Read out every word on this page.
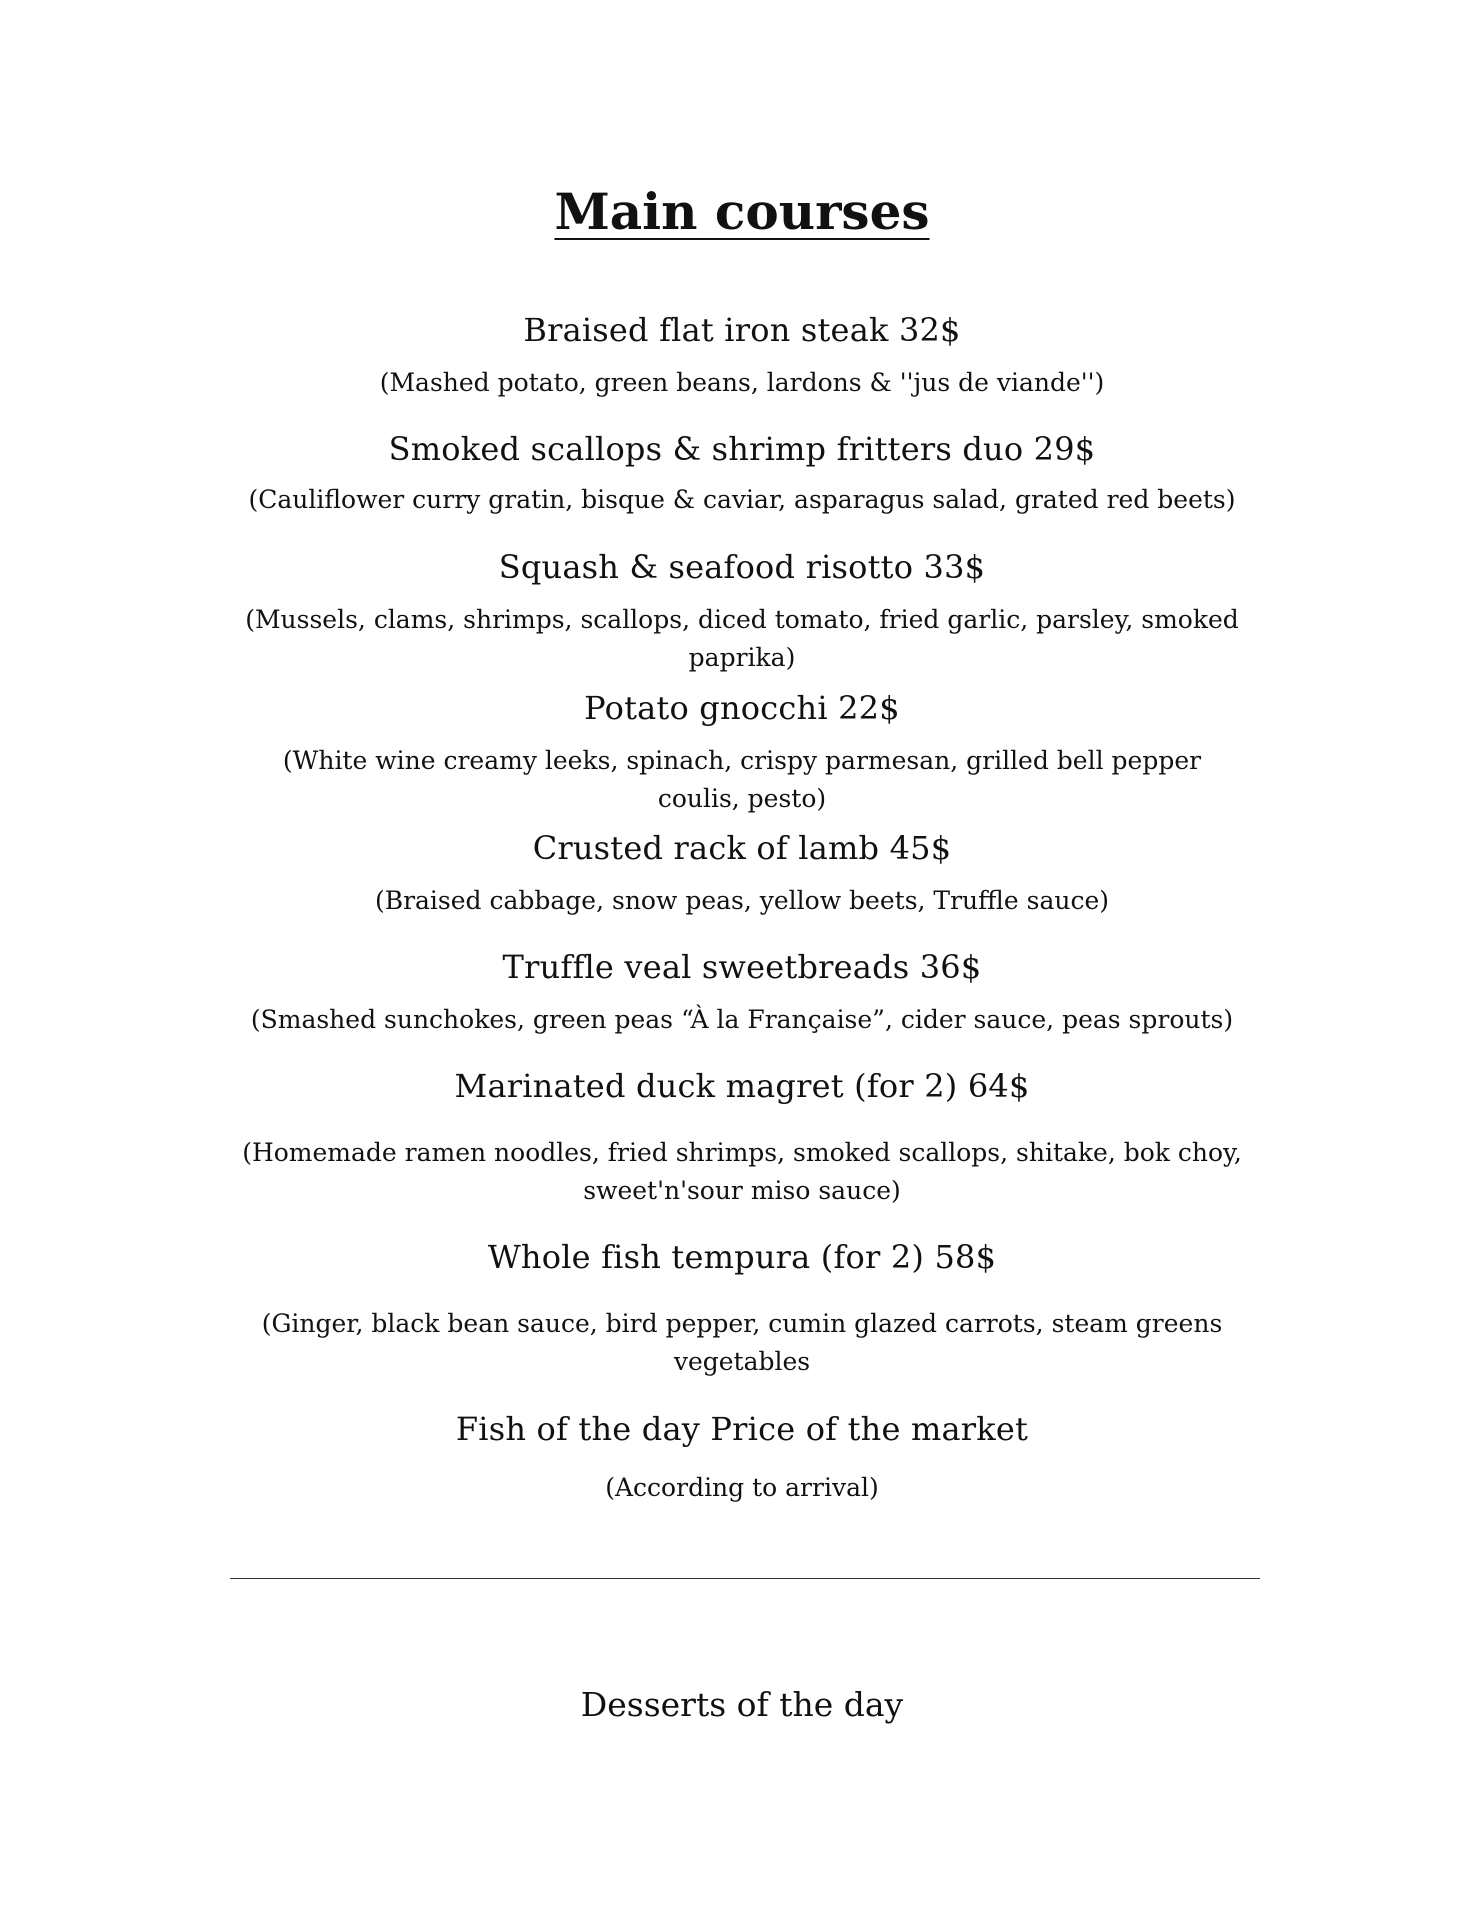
Main courses
Braised flat iron steak 32$
(Mashed potato, green beans, lardons & ''jus de viande'')
Smoked scallops & shrimp fritters duo 29$
(Cauliflower curry gratin, bisque & caviar, asparagus salad, grated red beets)
Squash & seafood risotto 33$
(Mussels, clams, shrimps, scallops, diced tomato, fried garlic, parsley, smoked paprika)
Potato gnocchi 22$
(White wine creamy leeks, spinach, crispy parmesan, grilled bell pepper coulis, pesto)
Crusted rack of lamb 45$
(Braised cabbage, snow peas, yellow beets, Truffle sauce)
Truffle veal sweetbreads 36$
(Smashed sunchokes, green peas “À la Française”, cider sauce, peas sprouts)
Marinated duck magret (for 2) 64$
(Homemade ramen noodles, fried shrimps, smoked scallops, shitake, bok choy, sweet'n'sour miso sauce)
Whole fish tempura (for 2) 58$
(Ginger, black bean sauce, bird pepper, cumin glazed carrots, steam greens vegetables
Fish of the day Price of the market
(According to arrival)
Desserts of the day
